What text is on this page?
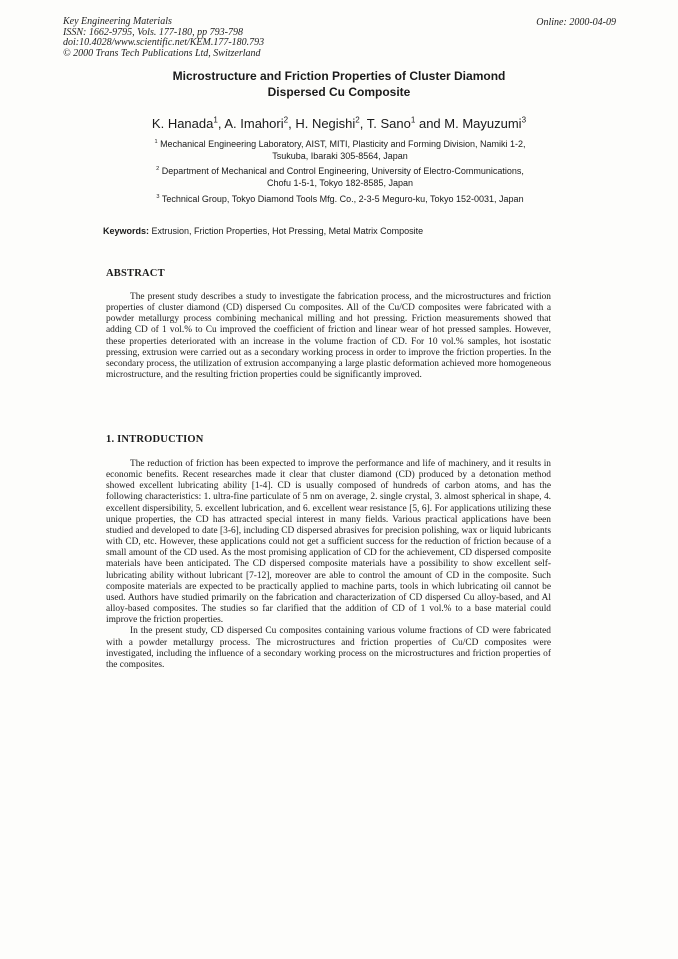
Key Engineering Materials
ISSN: 1662-9795, Vols. 177-180, pp 793-798
doi:10.4028/www.scientific.net/KEM.177-180.793
© 2000 Trans Tech Publications Ltd, Switzerland
Online: 2000-04-09
Microstructure and Friction Properties of Cluster Diamond
Dispersed Cu Composite
K. Hanada$^1$, A. Imahori$^2$, H. Negishi$^2$, T. Sano$^1$ and M. Mayuzumi$^3$
$^1$ Mechanical Engineering Laboratory, AIST, MITI, Plasticity and Forming Division, Namiki 1-2,
Tsukuba, Ibaraki 305-8564, Japan
$^2$ Department of Mechanical and Control Engineering, University of Electro-Communications,
Chofu 1-5-1, Tokyo 182-8585, Japan
$^3$ Technical Group, Tokyo Diamond Tools Mfg. Co., 2-3-5 Meguro-ku, Tokyo 152-0031, Japan
Keywords: Extrusion, Friction Properties, Hot Pressing, Metal Matrix Composite
ABSTRACT

The present study describes a study to investigate the fabrication process, and the microstructures and friction properties of cluster diamond (CD) dispersed Cu composites. All of the Cu/CD composites were fabricated with a powder metallurgy process combining mechanical milling and hot pressing. Friction measurements showed that adding CD of 1 vol.% to Cu improved the coefficient of friction and linear wear of hot pressed samples. However, these properties deteriorated with an increase in the volume fraction of CD. For 10 vol.% samples, hot isostatic pressing, extrusion were carried out as a secondary working process in order to improve the friction properties. In the secondary process, the utilization of extrusion accompanying a large plastic deformation achieved more homogeneous microstructure, and the resulting friction properties could be significantly improved.

1. INTRODUCTION

The reduction of friction has been expected to improve the performance and life of machinery, and it results in economic benefits. Recent researches made it clear that cluster diamond (CD) produced by a detonation method showed excellent lubricating ability [1-4]. CD is usually composed of hundreds of carbon atoms, and has the following characteristics: 1. ultra-fine particulate of 5 nm on average, 2. single crystal, 3. almost spherical in shape, 4. excellent dispersibility, 5. excellent lubrication, and 6. excellent wear resistance [5, 6]. For applications utilizing these unique properties, the CD has attracted special interest in many fields. Various practical applications have been studied and developed to date [3-6], including CD dispersed abrasives for precision polishing, wax or liquid lubricants with CD, etc. However, these applications could not get a sufficient success for the reduction of friction because of a small amount of the CD used. As the most promising application of CD for the achievement, CD dispersed composite materials have been anticipated. The CD dispersed composite materials have a possibility to show excellent self-lubricating ability without lubricant [7-12], moreover are able to control the amount of CD in the composite. Such composite materials are expected to be practically applied to machine parts, tools in which lubricating oil cannot be used. Authors have studied primarily on the fabrication and characterization of CD dispersed Cu alloy-based, and Al alloy-based composites. The studies so far clarified that the addition of CD of 1 vol.% to a base material could improve the friction properties.

In the present study, CD dispersed Cu composites containing various volume fractions of CD were fabricated with a powder metallurgy process. The microstructures and friction properties of Cu/CD composites were investigated, including the influence of a secondary working process on the microstructures and friction properties of the composites.
